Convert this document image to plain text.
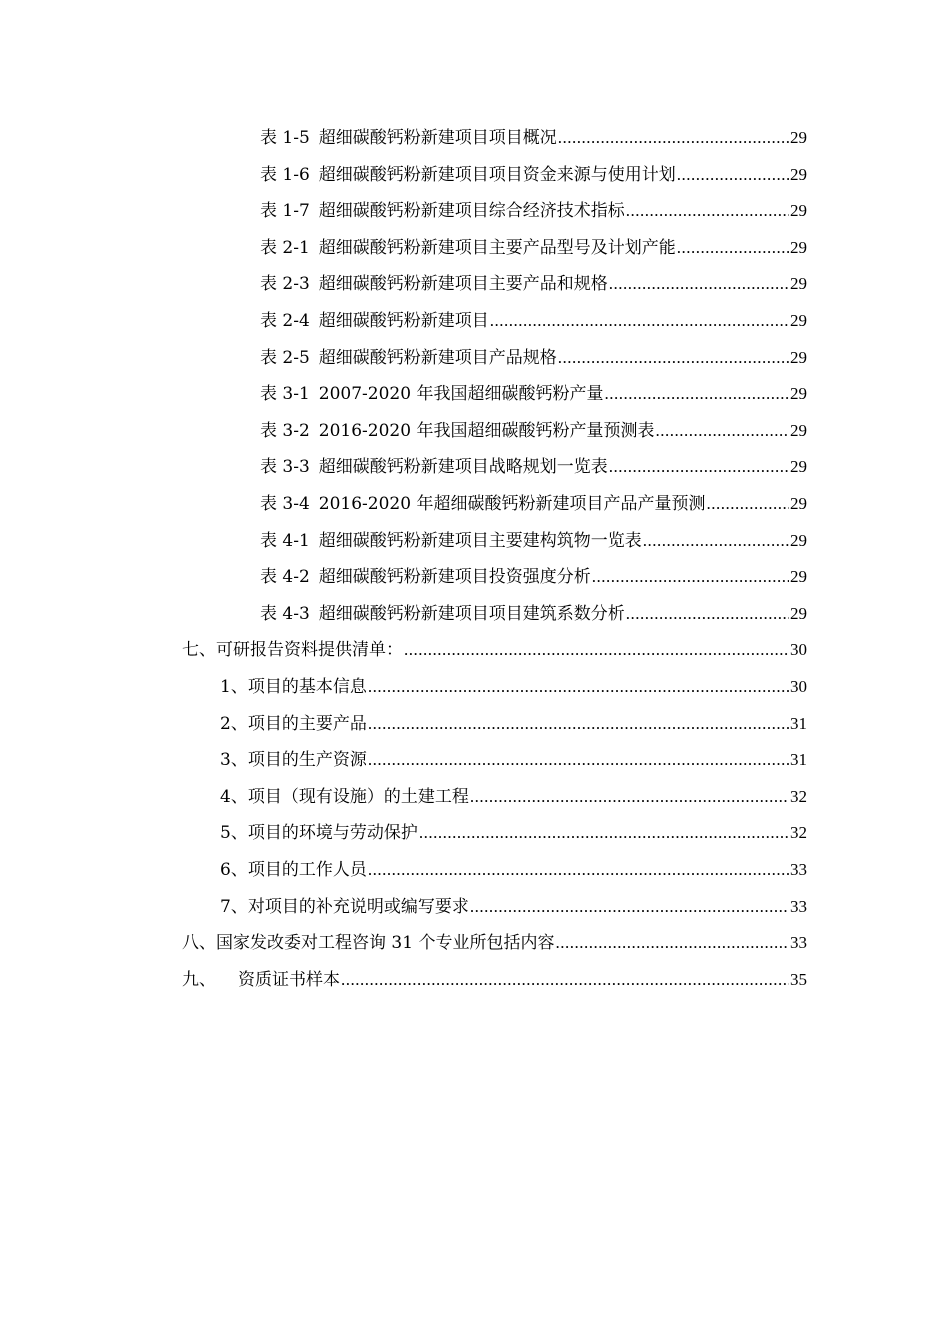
表 1-5 超细碳酸钙粉新建项目项目概况 .....	29
表 1-6 超细碳酸钙粉新建项目项目资金来源与使用计划 .....	29
表 1-7 超细碳酸钙粉新建项目综合经济技术指标 .....	29
表 2-1 超细碳酸钙粉新建项目主要产品型号及计划产能 .....	29
表 2-3 超细碳酸钙粉新建项目主要产品和规格 .....	29
表 2-4 超细碳酸钙粉新建项目 .....	29
表 2-5 超细碳酸钙粉新建项目产品规格 .....	29
表 3-1 2007-2020 年我国超细碳酸钙粉产量 .....	29
表 3-2 2016-2020 年我国超细碳酸钙粉产量预测表 .....	29
表 3-3 超细碳酸钙粉新建项目战略规划一览表 .....	29
表 3-4 2016-2020 年超细碳酸钙粉新建项目产品产量预测 .....	29
表 4-1 超细碳酸钙粉新建项目主要建构筑物一览表 .....	29
表 4-2 超细碳酸钙粉新建项目投资强度分析 .....	29
表 4-3 超细碳酸钙粉新建项目项目建筑系数分析 .....	29
七、可研报告资料提供清单： .....	30
1、项目的基本信息 .....	30
2、项目的主要产品 .....	31
3、项目的生产资源 .....	31
4、项目（现有设施）的土建工程 .....	32
5、项目的环境与劳动保护 .....	32
6、项目的工作人员 .....	33
7、对项目的补充说明或编写要求 .....	33
八、国家发改委对工程咨询 31 个专业所包括内容 .....	33
九、 资质证书样本 .....	35
